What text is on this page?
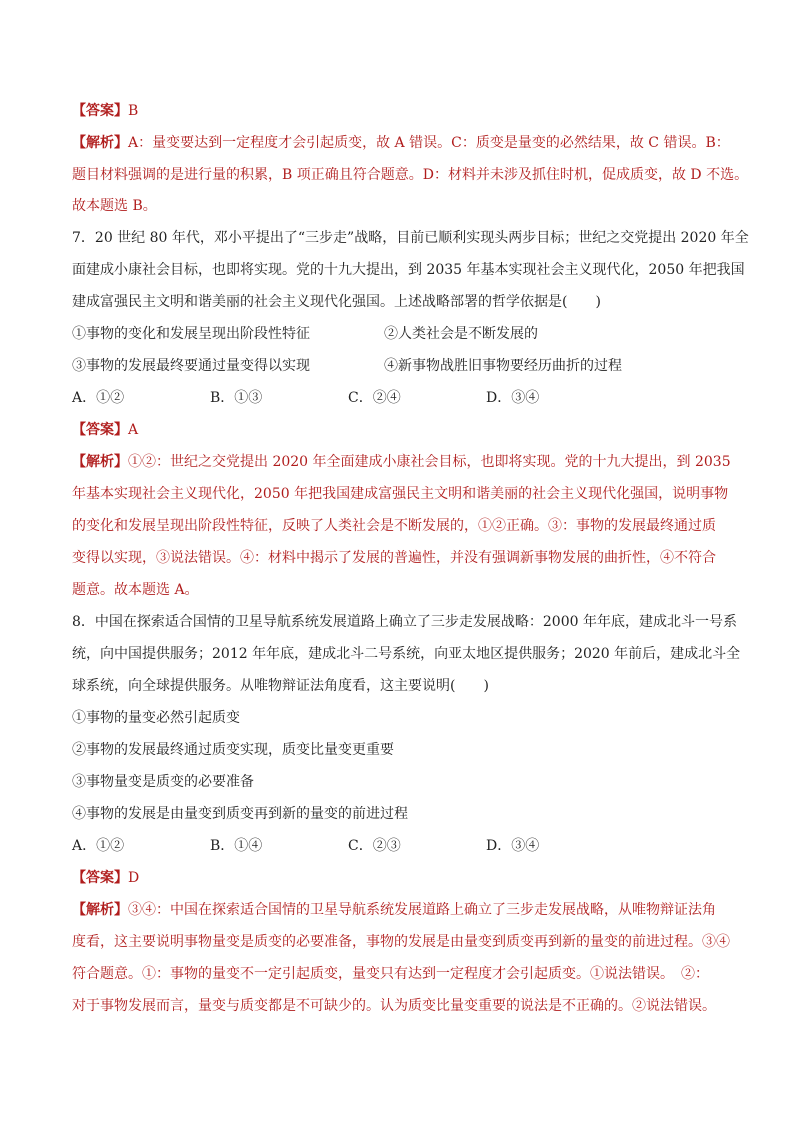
【答案】B
【解析】A：量变要达到一定程度才会引起质变，故 A 错误。C：质变是量变的必然结果，故 C 错误。B：
题目材料强调的是进行量的积累，B 项正确且符合题意。D：材料并未涉及抓住时机，促成质变，故 D 不选。
故本题选 B。
7．20 世纪 80 年代，邓小平提出了“三步走”战略，目前已顺利实现头两步目标；世纪之交党提出 2020 年全
面建成小康社会目标，也即将实现。党的十九大提出，到 2035 年基本实现社会主义现代化，2050 年把我国
建成富强民主文明和谐美丽的社会主义现代化强国。上述战略部署的哲学依据是(　　)
①事物的变化和发展呈现出阶段性特征	②人类社会是不断发展的
③事物的发展最终要通过量变得以实现	④新事物战胜旧事物要经历曲折的过程
A．①②	B．①③	C．②④	D．③④
【答案】A
【解析】①②：世纪之交党提出 2020 年全面建成小康社会目标，也即将实现。党的十九大提出，到 2035
年基本实现社会主义现代化，2050 年把我国建成富强民主文明和谐美丽的社会主义现代化强国，说明事物
的变化和发展呈现出阶段性特征，反映了人类社会是不断发展的，①②正确。③：事物的发展最终通过质
变得以实现，③说法错误。④：材料中揭示了发展的普遍性，并没有强调新事物发展的曲折性，④不符合
题意。故本题选 A。
8．中国在探索适合国情的卫星导航系统发展道路上确立了三步走发展战略：2000 年年底，建成北斗一号系
统，向中国提供服务；2012 年年底，建成北斗二号系统，向亚太地区提供服务；2020 年前后，建成北斗全
球系统，向全球提供服务。从唯物辩证法角度看，这主要说明(　　)
①事物的量变必然引起质变
②事物的发展最终通过质变实现，质变比量变更重要
③事物量变是质变的必要准备
④事物的发展是由量变到质变再到新的量变的前进过程
A．①②	B．①④	C．②③	D．③④
【答案】D
【解析】③④：中国在探索适合国情的卫星导航系统发展道路上确立了三步走发展战略，从唯物辩证法角
度看，这主要说明事物量变是质变的必要准备，事物的发展是由量变到质变再到新的量变的前进过程。③④
符合题意。①：事物的量变不一定引起质变，量变只有达到一定程度才会引起质变。①说法错误。　②：
对于事物发展而言，量变与质变都是不可缺少的。认为质变比量变重要的说法是不正确的。②说法错误。
